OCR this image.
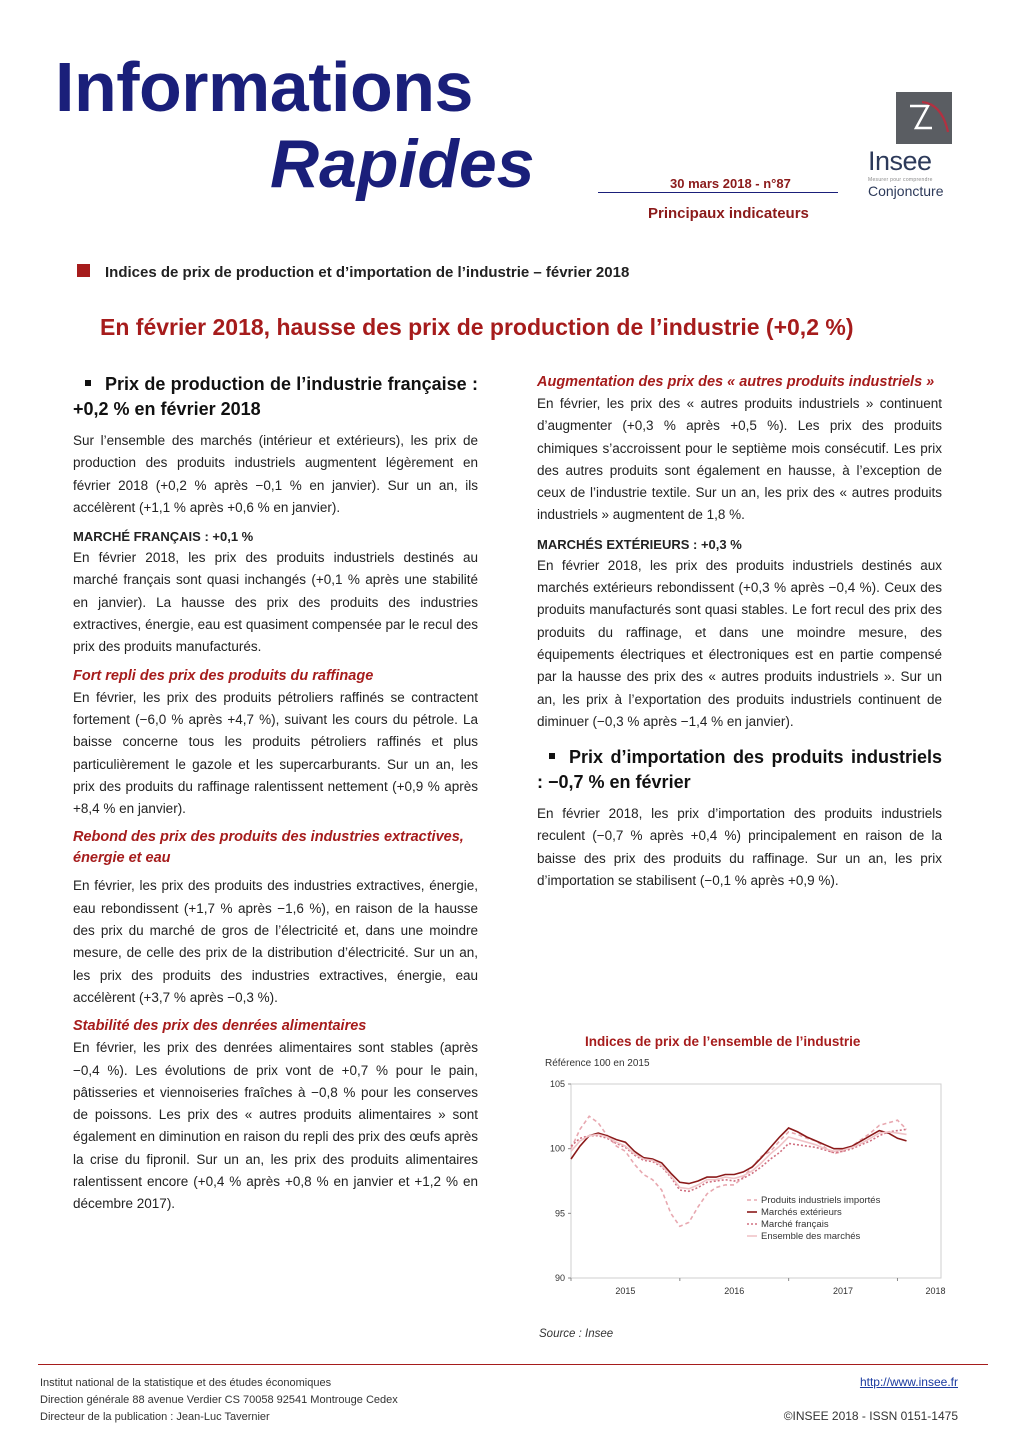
Informations
Rapides	30 mars 2018 - n°87
Principaux indicateurs
Insee
Mesurer pour comprendre
Conjoncture
Indices de prix de production et d’importation de l’industrie – février 2018
En février 2018, hausse des prix de production de l’industrie (+0,2 %)
Prix de production de l’industrie française : +0,2 % en février 2018

Sur l’ensemble des marchés (intérieur et extérieurs), les prix de production des produits industriels augmentent légèrement en février 2018 (+0,2 % après −0,1 % en janvier). Sur un an, ils accélèrent (+1,1 % après +0,6 % en janvier).

MARCHÉ FRANÇAIS : +0,1 %

En février 2018, les prix des produits industriels destinés au marché français sont quasi inchangés (+0,1 % après une stabilité en janvier). La hausse des prix des produits des industries extractives, énergie, eau est quasiment compensée par le recul des prix des produits manufacturés.

Fort repli des prix des produits du raffinage

En février, les prix des produits pétroliers raffinés se contractent fortement (−6,0 % après +4,7 %), suivant les cours du pétrole. La baisse concerne tous les produits pétroliers raffinés et plus particulièrement le gazole et les supercarburants. Sur un an, les prix des produits du raffinage ralentissent nettement (+0,9 % après +8,4 % en janvier).

Rebond des prix des produits des industries extractives, énergie et eau

En février, les prix des produits des industries extractives, énergie, eau rebondissent (+1,7 % après −1,6 %), en raison de la hausse des prix du marché de gros de l’électricité et, dans une moindre mesure, de celle des prix de la distribution d’électricité. Sur un an, les prix des produits des industries extractives, énergie, eau accélèrent (+3,7 % après −0,3 %).

Stabilité des prix des denrées alimentaires

En février, les prix des denrées alimentaires sont stables (après −0,4 %). Les évolutions de prix vont de +0,7 % pour le pain, pâtisseries et viennoiseries fraîches à −0,8 % pour les conserves de poissons. Les prix des « autres produits alimentaires » sont également en diminution en raison du repli des prix des œufs après la crise du fipronil. Sur un an, les prix des produits alimentaires ralentissent encore (+0,4 % après +0,8 % en janvier et +1,2 % en décembre 2017).

Augmentation des prix des « autres produits industriels »

En février, les prix des « autres produits industriels » continuent d’augmenter (+0,3 % après +0,5 %). Les prix des produits chimiques s’accroissent pour le septième mois consécutif. Les prix des autres produits sont également en hausse, à l’exception de ceux de l’industrie textile. Sur un an, les prix des « autres produits industriels » augmentent de 1,8 %.

MARCHÉS EXTÉRIEURS : +0,3 %

En février 2018, les prix des produits industriels destinés aux marchés extérieurs rebondissent (+0,3 % après −0,4 %). Ceux des produits manufacturés sont quasi stables. Le fort recul des prix des produits du raffinage, et dans une moindre mesure, des équipements électriques et électroniques est en partie compensé par la hausse des prix des « autres produits industriels ». Sur un an, les prix à l’exportation des produits industriels continuent de diminuer (−0,3 % après −1,4 % en janvier).

Prix d’importation des produits industriels : −0,7 % en février

En février 2018, les prix d’importation des produits industriels reculent (−0,7 % après +0,4 %) principalement en raison de la baisse des prix des produits du raffinage. Sur un an, les prix d’importation se stabilisent (−0,1 % après +0,9 %).

Indices de prix de l’ensemble de l’industrie
Référence 100 en 2015
90
95
100
105
2015	2016	2017	2018
Produits industriels importés
Marchés extérieurs
Marché français
Ensemble des marchés
Source : Insee
Institut national de la statistique et des études économiques
Direction générale 88 avenue Verdier CS 70058 92541 Montrouge Cedex
Directeur de la publication : Jean-Luc Tavernier
http://www.insee.fr
©INSEE 2018 - ISSN 0151-1475
